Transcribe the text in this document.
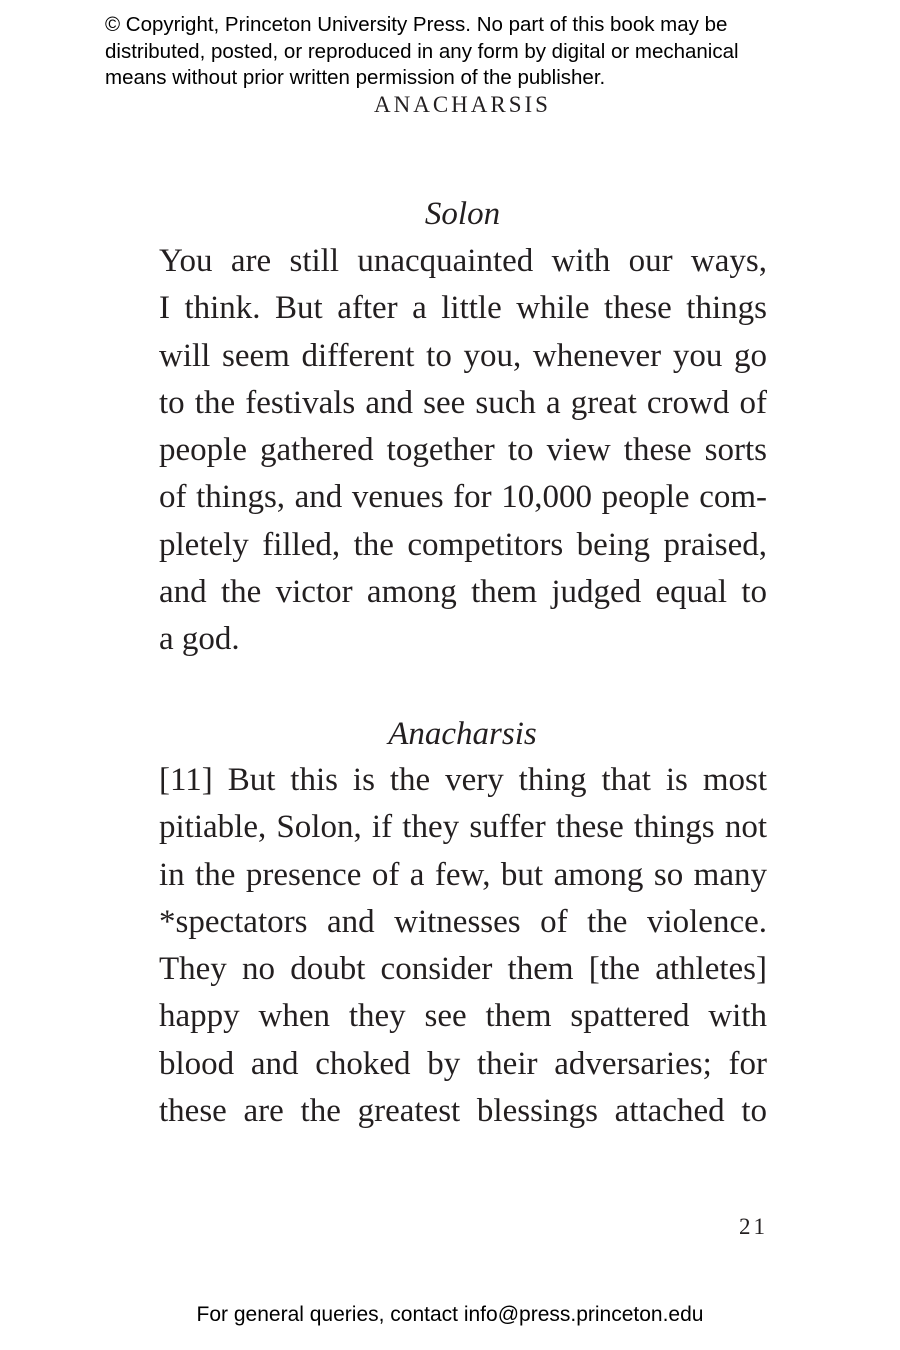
© Copyright, Princeton University Press. No part of this book may be
distributed, posted, or reproduced in any form by digital or mechanical
means without prior written permission of the publisher.
ANACHARSIS
Solon
You are still unacquainted with our ways,
I think. But after a little while these things
will seem different to you, whenever you go
to the festivals and see such a great crowd of
people gathered together to view these sorts
of things, and venues for 10,000 people com-
pletely filled, the competitors being praised,
and the victor among them judged equal to
a god.
Anacharsis
[11] But this is the very thing that is most
pitiable, Solon, if they suffer these things not
in the presence of a few, but among so many
*spectators and witnesses of the violence.
They no doubt consider them [the athletes]
happy when they see them spattered with
blood and choked by their adversaries; for
these are the greatest blessings attached to
21
For general queries, contact info@press.princeton.edu
